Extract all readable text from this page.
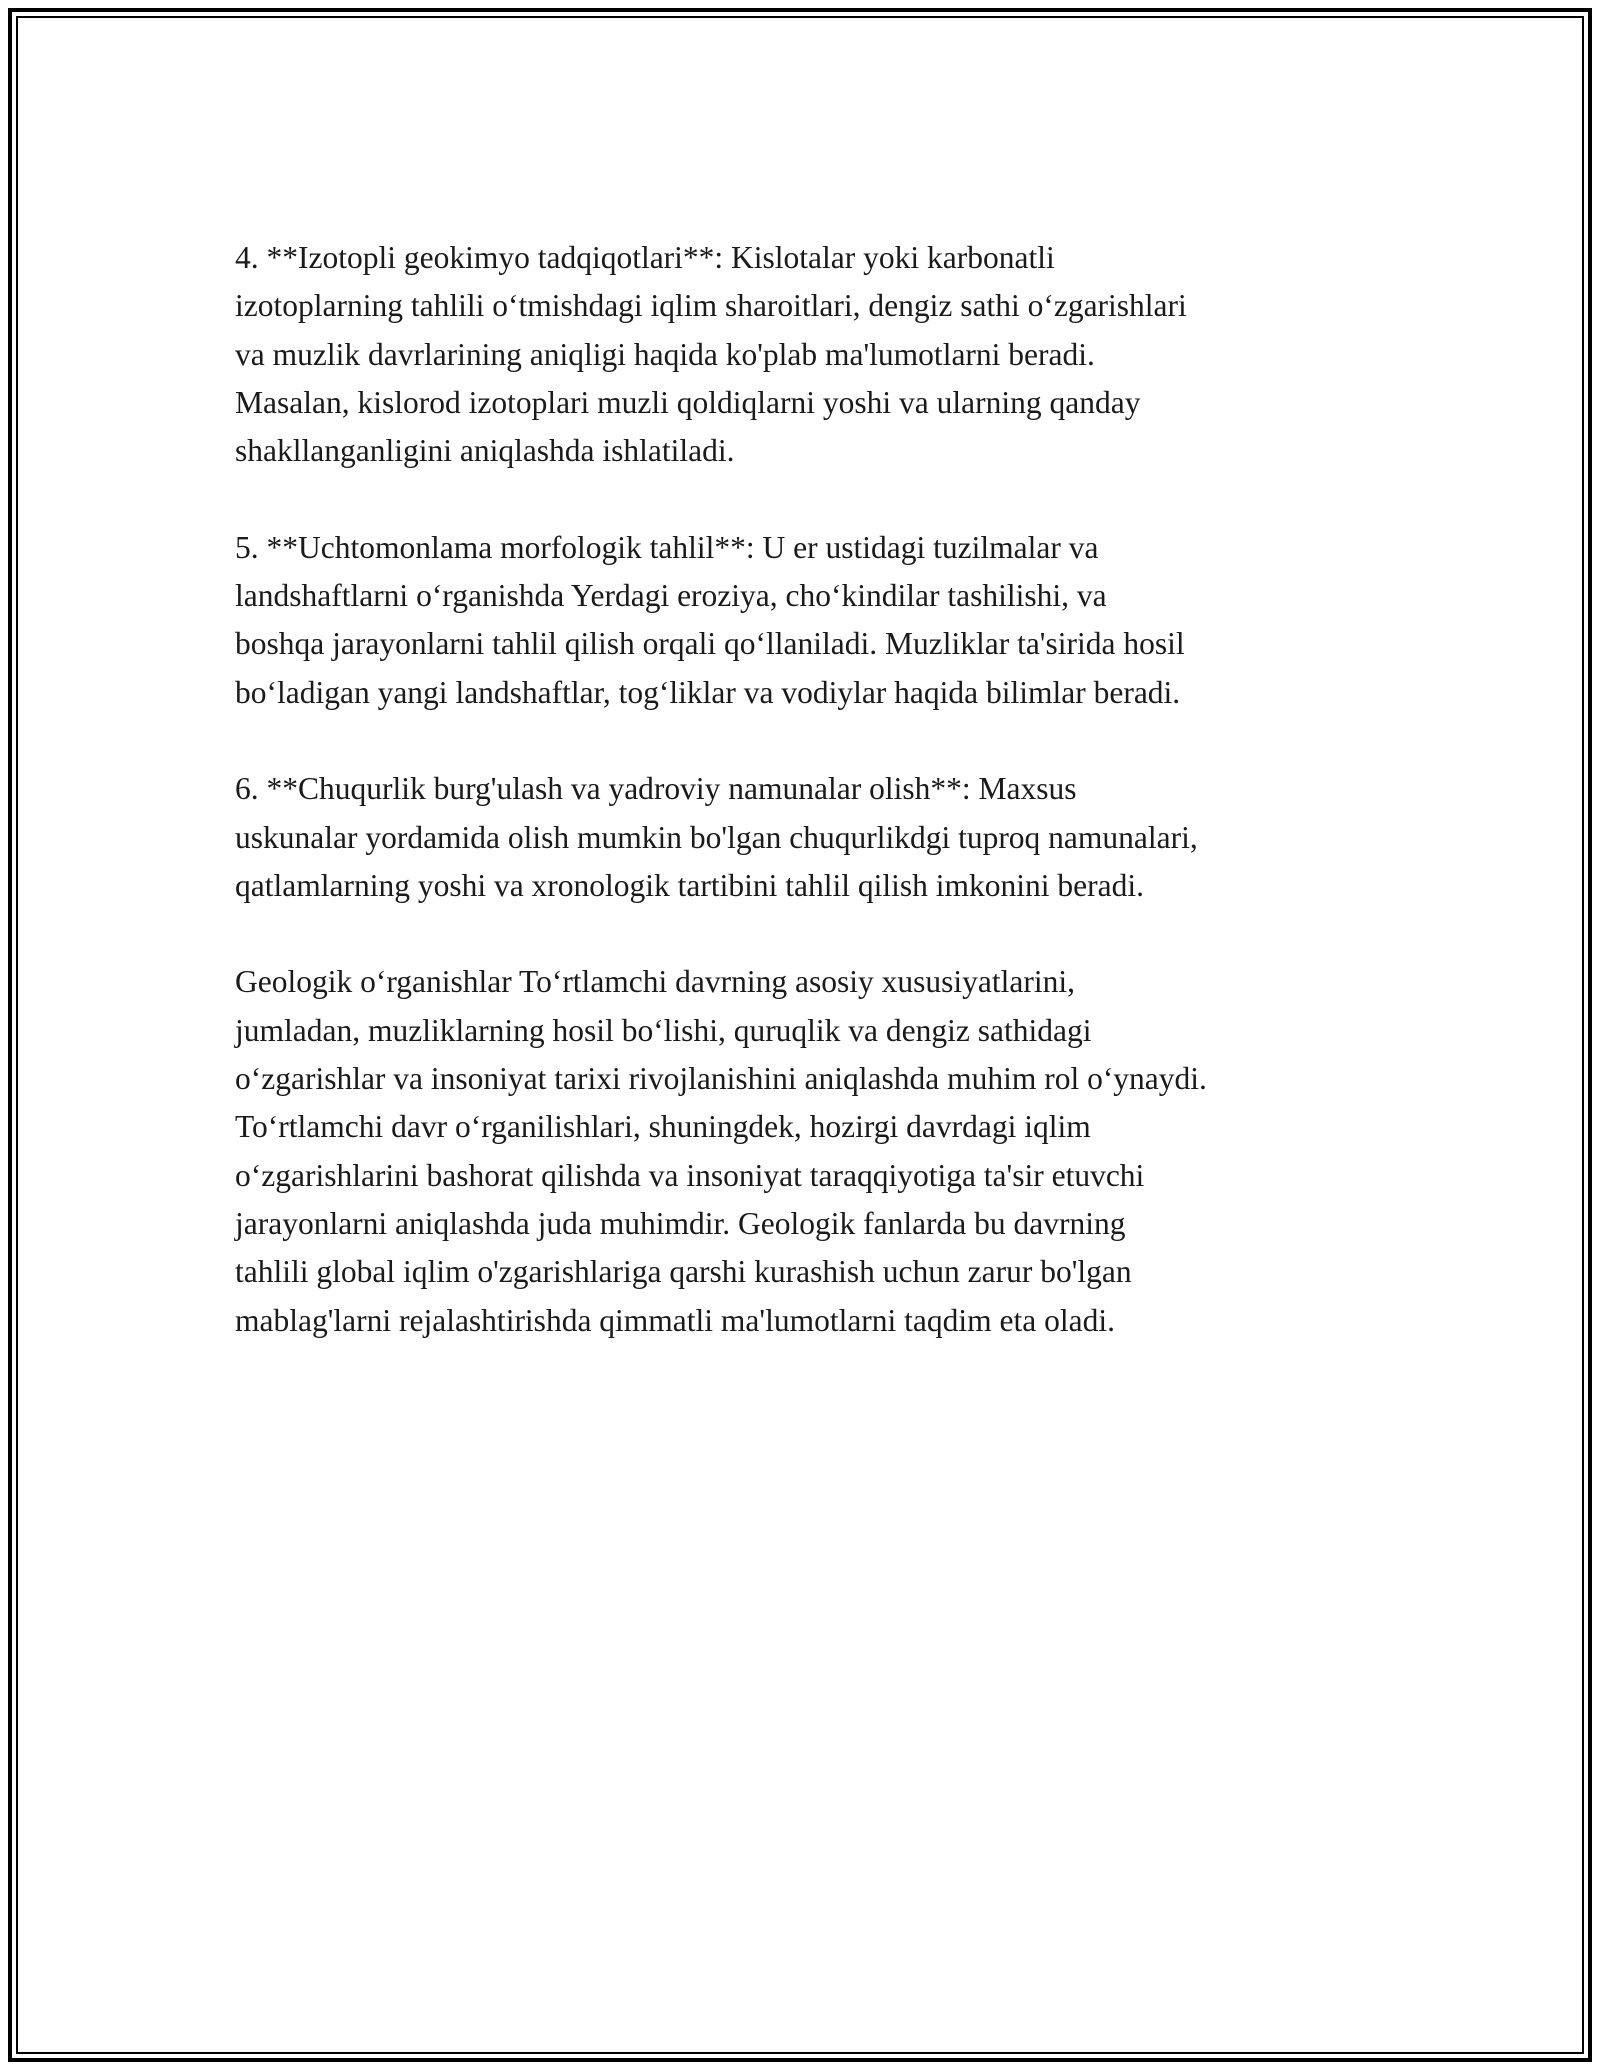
4. **Izotopli geokimyo tadqiqotlari**: Kislotalar yoki karbonatli
izotoplarning tahlili o‘tmishdagi iqlim sharoitlari, dengiz sathi o‘zgarishlari
va muzlik davrlarining aniqligi haqida ko'plab ma'lumotlarni beradi.
Masalan, kislorod izotoplari muzli qoldiqlarni yoshi va ularning qanday
shakllanganligini aniqlashda ishlatiladi.

5. **Uchtomonlama morfologik tahlil**: U er ustidagi tuzilmalar va
landshaftlarni o‘rganishda Yerdagi eroziya, cho‘kindilar tashilishi, va
boshqa jarayonlarni tahlil qilish orqali qo‘llaniladi. Muzliklar ta'sirida hosil
bo‘ladigan yangi landshaftlar, tog‘liklar va vodiylar haqida bilimlar beradi.

6. **Chuqurlik burg'ulash va yadroviy namunalar olish**: Maxsus
uskunalar yordamida olish mumkin bo'lgan chuqurlikdgi tuproq namunalari,
qatlamlarning yoshi va xronologik tartibini tahlil qilish imkonini beradi.

Geologik o‘rganishlar To‘rtlamchi davrning asosiy xususiyatlarini,
jumladan, muzliklarning hosil bo‘lishi, quruqlik va dengiz sathidagi
o‘zgarishlar va insoniyat tarixi rivojlanishini aniqlashda muhim rol o‘ynaydi.
To‘rtlamchi davr o‘rganilishlari, shuningdek, hozirgi davrdagi iqlim
o‘zgarishlarini bashorat qilishda va insoniyat taraqqiyotiga ta'sir etuvchi
jarayonlarni aniqlashda juda muhimdir. Geologik fanlarda bu davrning
tahlili global iqlim o'zgarishlariga qarshi kurashish uchun zarur bo'lgan
mablag'larni rejalashtirishda qimmatli ma'lumotlarni taqdim eta oladi.
